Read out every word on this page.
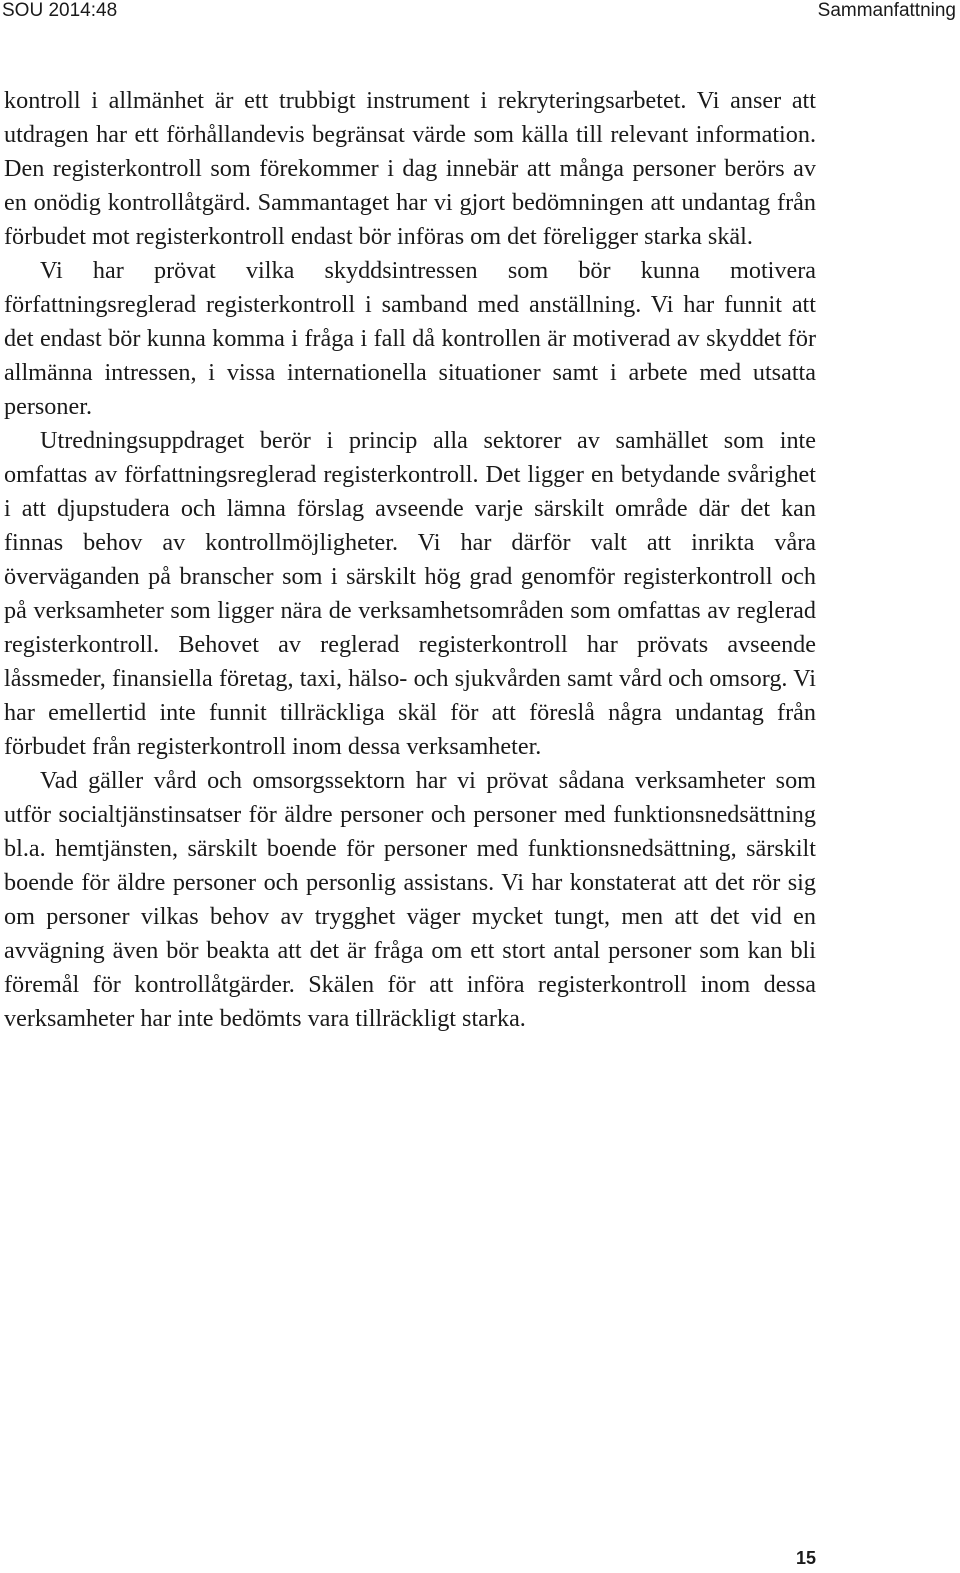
SOU 2014:48	Sammanfattning

kontroll i allmänhet är ett trubbigt instrument i rekryteringsarbetet. Vi anser att utdragen har ett förhållandevis begränsat värde som källa till relevant information. Den registerkontroll som förekommer i dag innebär att många personer berörs av en onödig kontrollåtgärd. Sammantaget har vi gjort bedömningen att undantag från förbudet mot registerkontroll endast bör införas om det föreligger starka skäl.

Vi har prövat vilka skyddsintressen som bör kunna motivera författningsreglerad registerkontroll i samband med anställning. Vi har funnit att det endast bör kunna komma i fråga i fall då kontrollen är motiverad av skyddet för allmänna intressen, i vissa internationella situationer samt i arbete med utsatta personer.

Utredningsuppdraget berör i princip alla sektorer av samhället som inte omfattas av författningsreglerad registerkontroll. Det ligger en betydande svårighet i att djupstudera och lämna förslag avseende varje särskilt område där det kan finnas behov av kontrollmöjligheter. Vi har därför valt att inrikta våra överväganden på branscher som i särskilt hög grad genomför registerkontroll och på verksamheter som ligger nära de verksamhetsområden som omfattas av reglerad registerkontroll. Behovet av reglerad registerkontroll har prövats avseende låssmeder, finansiella företag, taxi, hälso- och sjukvården samt vård och omsorg. Vi har emellertid inte funnit tillräckliga skäl för att föreslå några undantag från förbudet från registerkontroll inom dessa verksamheter.

Vad gäller vård och omsorgssektorn har vi prövat sådana verksamheter som utför socialtjänstinsatser för äldre personer och personer med funktionsnedsättning bl.a. hemtjänsten, särskilt boende för personer med funktionsnedsättning, särskilt boende för äldre personer och personlig assistans. Vi har konstaterat att det rör sig om personer vilkas behov av trygghet väger mycket tungt, men att det vid en avvägning även bör beakta att det är fråga om ett stort antal personer som kan bli föremål för kontrollåtgärder. Skälen för att införa registerkontroll inom dessa verksamheter har inte bedömts vara tillräckligt starka.

15
